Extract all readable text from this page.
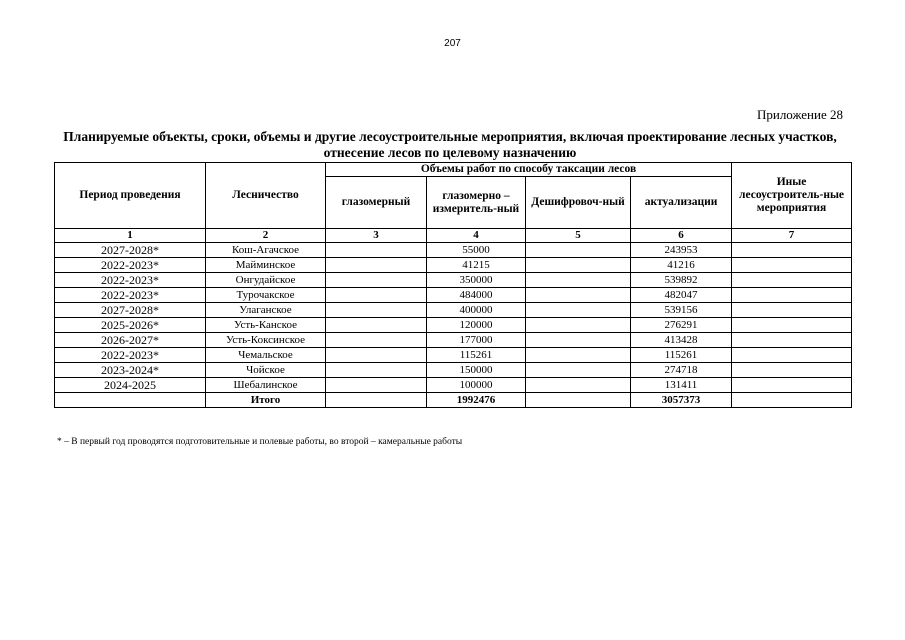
207
Приложение 28
Планируемые объекты, сроки, объемы и другие лесоустроительные мероприятия, включая проектирование лесных участков, отнесение лесов по целевому назначению
Период проведения	Лесничество	Объемы работ по способу таксации лесов				Иные лесоустроитель-ные мероприятия
		глазомерный	глазомерно – измеритель-ный	Дешифровоч-ный	актуализации	
1	2	3	4	5	6	7
2027-2028*	Кош-Агачское		55000		243953	
2022-2023*	Майминское		41215		41216	
2022-2023*	Онгудайское		350000		539892	
2022-2023*	Турочакское		484000		482047	
2027-2028*	Улаганское		400000		539156	
2025-2026*	Усть-Канское		120000		276291	
2026-2027*	Усть-Коксинское		177000		413428	
2022-2023*	Чемальское		115261		115261	
2023-2024*	Чойское		150000		274718	
2024-2025	Шебалинское		100000		131411	
	Итого		1992476		3057373	
* – В первый год проводятся подготовительные и полевые работы, во второй – камеральные работы
